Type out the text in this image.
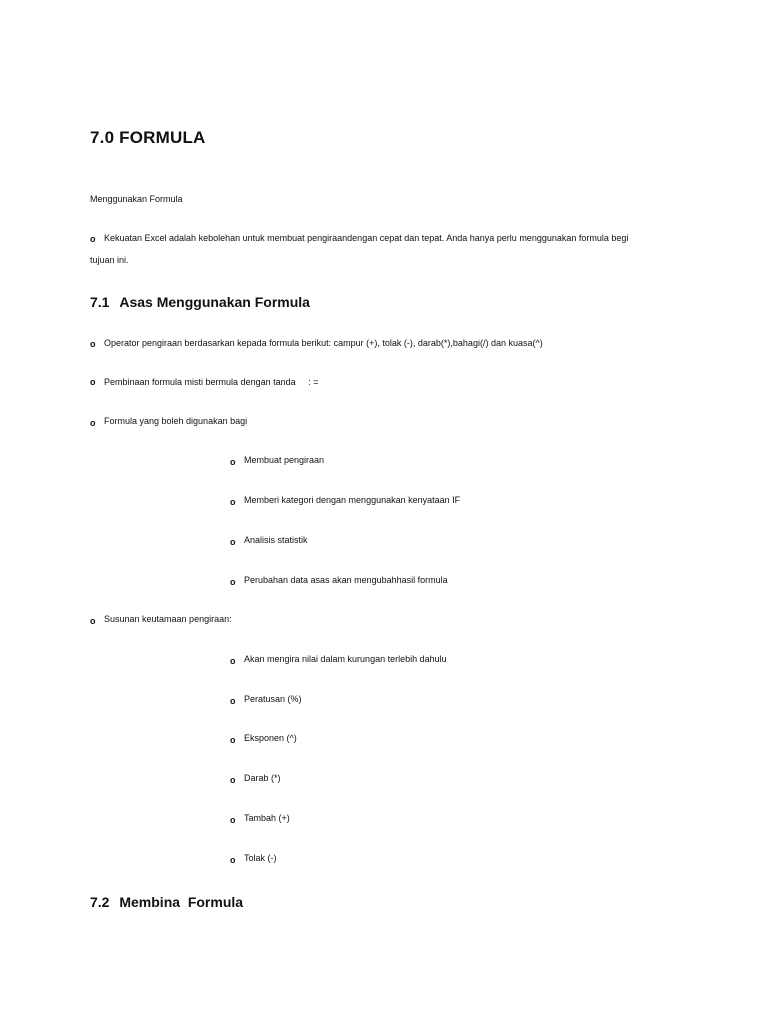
7.0 FORMULA
Menggunakan Formula
o Kekuatan Excel adalah kebolehan untuk membuat pengiraandengan cepat dan tepat. Anda hanya perlu menggunakan formula begi
tujuan ini.
7.1 Asas Menggunakan Formula
o Operator pengiraan berdasarkan kepada formula berikut: campur (+), tolak (-), darab(*),bahagi(/) dan kuasa(^)
o Pembinaan formula misti bermula dengan tanda : =
o Formula yang boleh digunakan bagi
o Membuat pengiraan
o Memberi kategori dengan menggunakan kenyataan IF
o Analisis statistik
o Perubahan data asas akan mengubahhasil formula
o Susunan keutamaan pengiraan:
o Akan mengira nilai dalam kurungan terlebih dahulu
o Peratusan (%)
o Eksponen (^)
o Darab (*)
o Tambah (+)
o Tolak (-)
7.2 Membina  Formula
